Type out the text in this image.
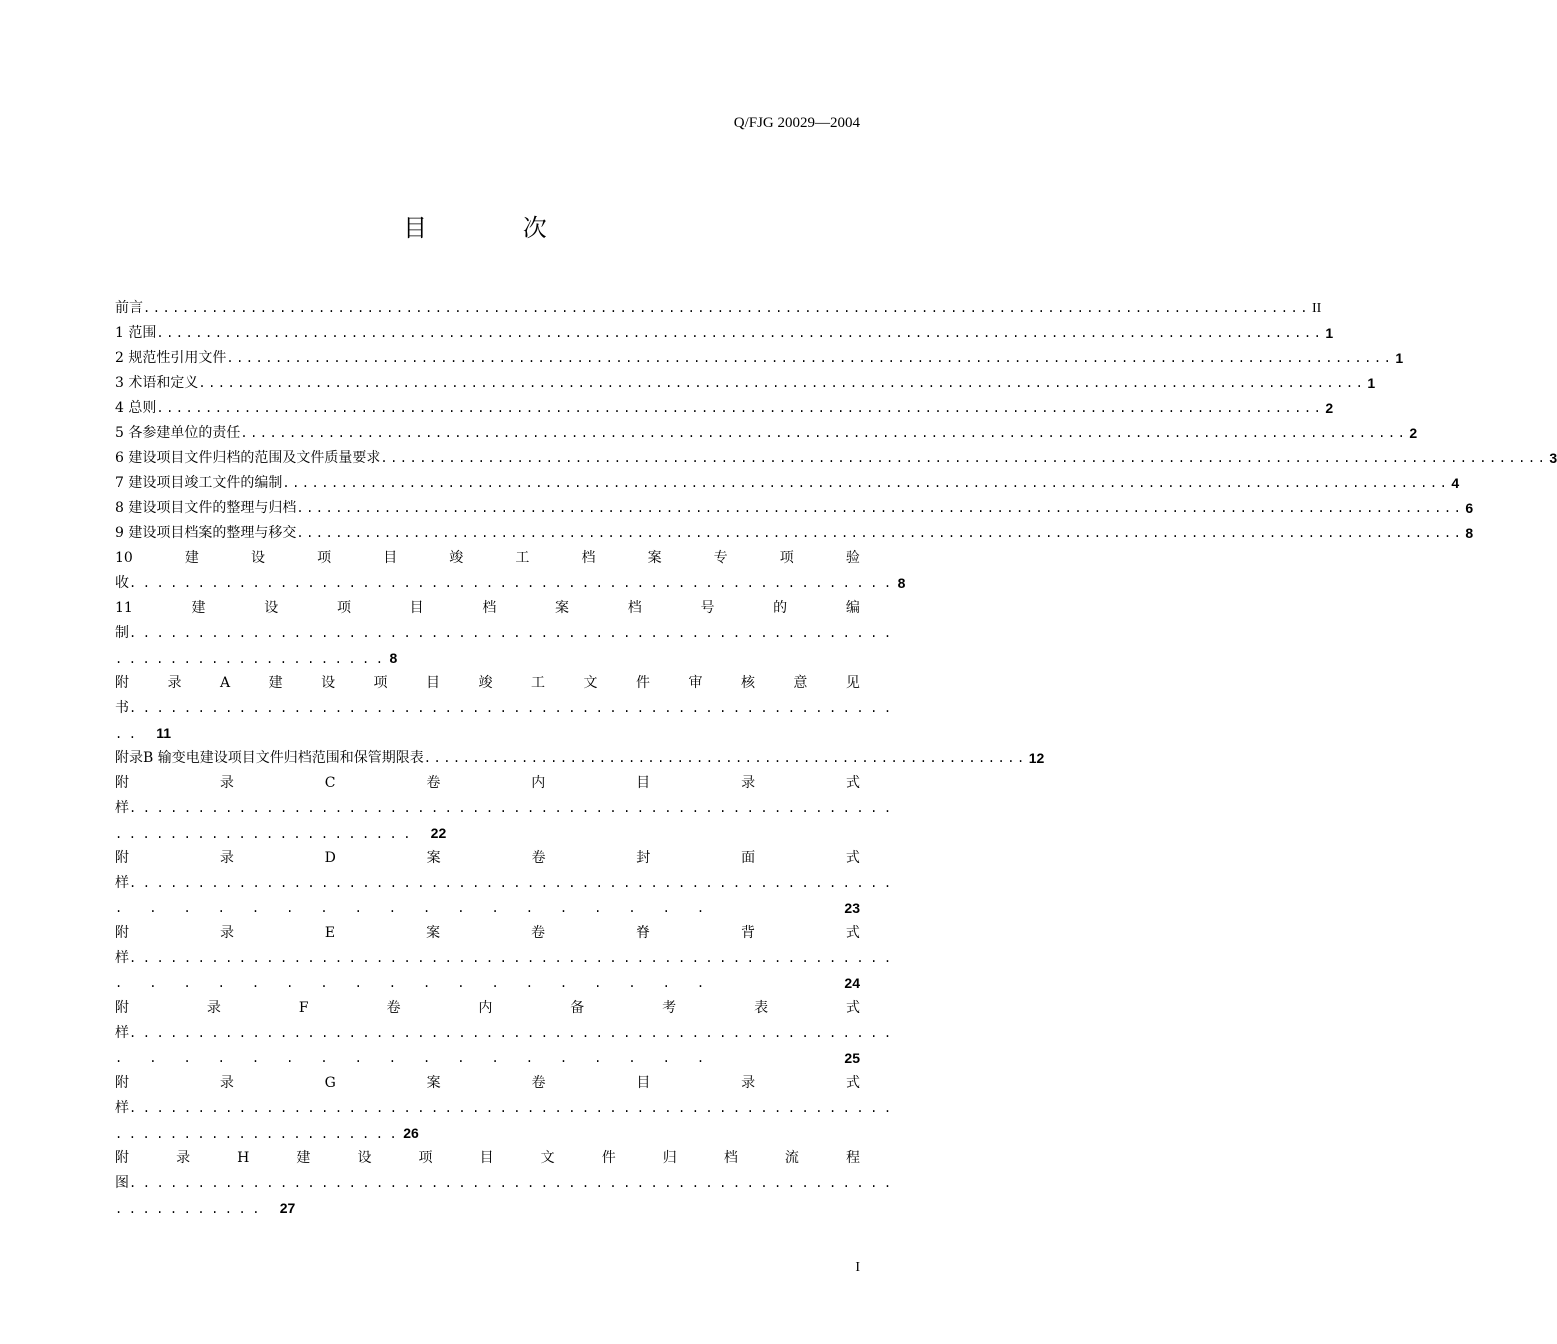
Q/FJG 20029—2004
目 次
前言 ........................................................................................................................ II
1 范围 ........................................................................................................................ 1
2 规范性引用文件 ........................................................................................................................ 1
3 术语和定义 ........................................................................................................................ 1
4 总则 ........................................................................................................................ 2
5 各参建单位的责任 ........................................................................................................................ 2
6 建设项目文件归档的范围及文件质量要求 ........................................................................................................................ 3
7 建设项目竣工文件的编制 ........................................................................................................................ 4
8 建设项目文件的整理与归档 ........................................................................................................................ 6
9 建设项目档案的整理与移交 ........................................................................................................................ 8
10	建	设	项	目	竣	工	档	案	专	项	验
收 ........................................................ 8
11	建	设	项	目	档	案	档	号	的	编
制 ........................................................
....................8
附	录	A	建	设	项	目	竣	工	文	件	审	核	意	见
书 ........................................................
.. 11
附录B 输变电建设项目文件归档范围和保管期限表 .............................................................. 12
附	录	C	卷	内	目	录	式
样 ........................................................
...................... 22
附	录	D	案	卷	封	面	式
样 ........................................................
..................	23
附	录	E	案	卷	脊	背	式
样 ........................................................
..................	24
附	录	F	卷	内	备	考	表	式
样 ........................................................
..................	25
附	录	G	案	卷	目	录	式
样 ........................................................
.....................26
附	录	H	建	设	项	目	文	件	归	档	流	程
图 ........................................................
........... 27
I
